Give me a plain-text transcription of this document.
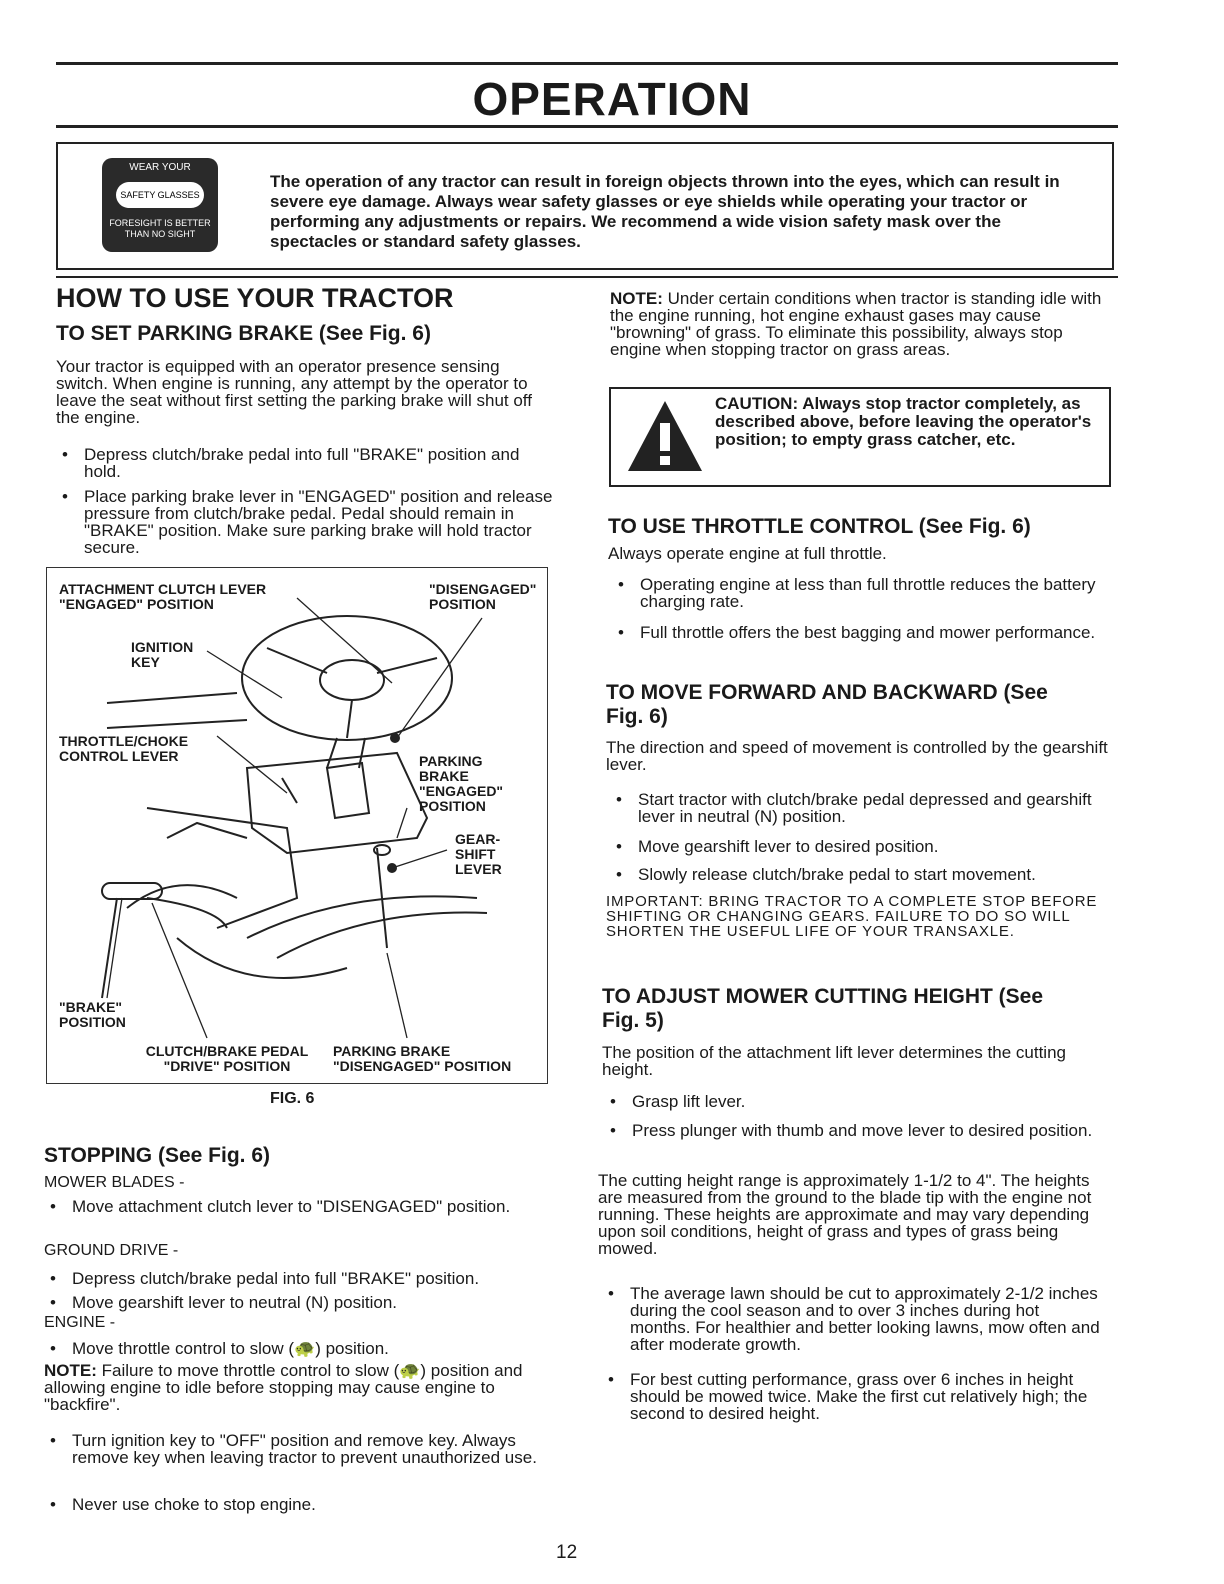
OPERATION
WEAR YOUR
SAFETY GLASSES
FORESIGHT IS BETTER THAN NO SIGHT

The operation of any tractor can result in foreign objects thrown into the eyes, which can result in severe eye damage. Always wear safety glasses or eye shields while operating your tractor or performing any adjustments or repairs. We recommend a wide vision safety mask over the spectacles or standard safety glasses.

HOW TO USE YOUR TRACTOR
TO SET PARKING BRAKE (See Fig. 6)

Your tractor is equipped with an operator presence sensing switch. When engine is running, any attempt by the operator to leave the seat without first setting the parking brake will shut off the engine.

• Depress clutch/brake pedal into full "BRAKE" position and hold.

• Place parking brake lever in "ENGAGED" position and release pressure from clutch/brake pedal. Pedal should remain in "BRAKE" position. Make sure parking brake will hold tractor secure.

ATTACHMENT CLUTCH LEVER "ENGAGED" POSITION

"DISENGAGED" POSITION

IGNITION KEY

THROTTLE/CHOKE CONTROL LEVER	PARKING BRAKE "ENGAGED" POSITION

GEAR- SHIFT LEVER

"BRAKE" POSITION

CLUTCH/BRAKE PEDAL "DRIVE" POSITION

PARKING BRAKE "DISENGAGED" POSITION

FIG. 6

STOPPING (See Fig. 6)

MOWER BLADES -

• Move attachment clutch lever to "DISENGAGED" position.

GROUND DRIVE -

• Depress clutch/brake pedal into full "BRAKE" position.

• Move gearshift lever to neutral (N) position.

ENGINE -

• Move throttle control to slow (🐢) position.

NOTE: Failure to move throttle control to slow (🐢) position and allowing engine to idle before stopping may cause engine to "backfire".

• Turn ignition key to "OFF" position and remove key. Always remove key when leaving tractor to prevent unauthorized use.

• Never use choke to stop engine.

NOTE: Under certain conditions when tractor is standing idle with the engine running, hot engine exhaust gases may cause "browning" of grass. To eliminate this possibility, always stop engine when stopping tractor on grass areas.

CAUTION: Always stop tractor completely, as described above, before leaving the operator's position; to empty grass catcher, etc.

TO USE THROTTLE CONTROL (See Fig. 6)

Always operate engine at full throttle.

• Operating engine at less than full throttle reduces the battery charging rate.

• Full throttle offers the best bagging and mower performance.

TO MOVE FORWARD AND BACKWARD (See Fig. 6)

The direction and speed of movement is controlled by the gearshift lever.

• Start tractor with clutch/brake pedal depressed and gearshift lever in neutral (N) position.

• Move gearshift lever to desired position.

• Slowly release clutch/brake pedal to start movement.

IMPORTANT: BRING TRACTOR TO A COMPLETE STOP BEFORE SHIFTING OR CHANGING GEARS. FAILURE TO DO SO WILL SHORTEN THE USEFUL LIFE OF YOUR TRANSAXLE.

TO ADJUST MOWER CUTTING HEIGHT (See Fig. 5)

The position of the attachment lift lever determines the cutting height.

• Grasp lift lever.

• Press plunger with thumb and move lever to desired position.

The cutting height range is approximately 1-1/2 to 4". The heights are measured from the ground to the blade tip with the engine not running. These heights are approximate and may vary depending upon soil conditions, height of grass and types of grass being mowed.

• The average lawn should be cut to approximately 2-1/2 inches during the cool season and to over 3 inches during hot months. For healthier and better looking lawns, mow often and after moderate growth.

• For best cutting performance, grass over 6 inches in height should be mowed twice. Make the first cut relatively high; the second to desired height.

12
